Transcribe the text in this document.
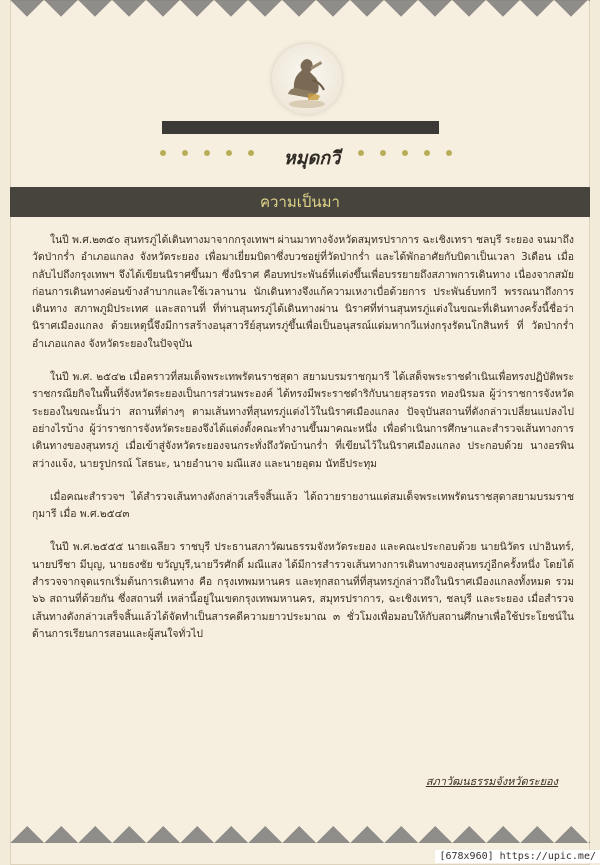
หมุดกวี
ความเป็นมา

ในปี พ.ศ.๒๓๕๐ สุนทรภู่ได้เดินทางมาจากกรุงเทพฯ ผ่านมาทางจังหวัดสมุทรปราการ ฉะเชิงเทรา ชลบุรี ระยอง จนมาถึงวัดป่ากร่ำ อำเภอแกลง จังหวัดระยอง เพื่อมาเยี่ยมบิดาซึ่งบวชอยู่ที่วัดป่ากร่ำ และได้พักอาศัยกับบิดาเป็นเวลา 3เดือน เมื่อกลับไปถึงกรุงเทพฯ จึงได้เขียนนิราศขึ้นมา ซึ่งนิราศ คือบทประพันธ์ที่แต่งขึ้นเพื่อบรรยายถึงสภาพการเดินทาง เนื่องจากสมัยก่อนการเดินทางค่อนข้างลำบากและใช้เวลานาน นักเดินทางจึงแก้ความเหงาเบื่อด้วยการ ประพันธ์บทกวี พรรณนาถึงการเดินทาง สภาพภูมิประเทศ และสถานที่ ที่ท่านสุนทรภู่ได้เดินทางผ่าน นิราศที่ท่านสุนทรภู่แต่งในขณะที่เดินทางครั้งนี้ชื่อว่านิราศเมืองแกลง ด้วยเหตุนี้จึงมีการสร้างอนุสาวรีย์สุนทรภู่ขึ้นเพื่อเป็นอนุสรณ์แด่มหากวีแห่งกรุงรัตนโกสินทร์ ที่ วัดป่ากร่ำ อำเภอแกลง จังหวัดระยองในปัจจุบัน

ในปี พ.ศ. ๒๕๔๒ เมื่อคราวที่สมเด็จพระเทพรัตนราชสุดา สยามบรมราชกุมารี ได้เสด็จพระราชดำเนินเพื่อทรงปฏิบัติพระราชกรณียกิจในพื้นที่จังหวัดระยองเป็นการส่วนพระองค์ ได้ทรงมีพระราชดำริกับนายสุรอรรถ ทองนิรมล ผู้ว่าราชการจังหวัดระยองในขณะนั้นว่า สถานที่ต่างๆ ตามเส้นทางที่สุนทรภู่แต่งไว้ในนิราศเมืองแกลง ปัจจุบันสถานที่ดังกล่าวเปลี่ยนแปลงไปอย่างไรบ้าง ผู้ว่าราชการจังหวัดระยองจึงได้แต่งตั้งคณะทำงานขึ้นมาคณะหนึ่ง เพื่อดำเนินการศึกษาและสำรวจเส้นทางการเดินทางของสุนทรภู่ เมื่อเข้าสู่จังหวัดระยองจนกระทั่งถึงวัดบ้านกร่ำ ที่เขียนไว้ในนิราศเมืองแกลง ประกอบด้วย นางอรพิน สว่างแจ้ง, นายรูปกรณ์ โสธนะ, นายอำนาจ มณีแสง และนายอุดม นัทธีประทุม

เมื่อคณะสำรวจฯ ได้สำรวจเส้นทางดังกล่าวเสร็จสิ้นแล้ว ได้ถวายรายงานแด่สมเด็จพระเทพรัตนราชสุดาสยามบรมราชกุมารี เมื่อ พ.ศ.๒๕๔๓

ในปี พ.ศ.๒๕๕๕ นายเฉลียว ราชบุรี ประธานสภาวัฒนธรรมจังหวัดระยอง และคณะประกอบด้วย นายนิวัตร เปาอินทร์, นายปรีชา มีบุญ, นายธงชัย ขวัญบุรี,นายวีรศักดิ์ มณีแสง ได้มีการสำรวจเส้นทางการเดินทางของสุนทรภู่อีกครั้งหนึ่ง โดยได้สำรวจจากจุดแรกเริ่มต้นการเดินทาง คือ กรุงเทพมหานคร และทุกสถานที่ที่สุนทรภู่กล่าวถึงในนิราศเมืองแกลงทั้งหมด รวม ๖๖ สถานที่ด้วยกัน ซึ่งสถานที่ เหล่านี้อยู่ในเขตกรุงเทพมหานคร, สมุทรปราการ, ฉะเชิงเทรา, ชลบุรี และระยอง เมื่อสำรวจเส้นทางดังกล่าวเสร็จสิ้นแล้วได้จัดทำเป็นสารคดีความยาวประมาณ ๓ ชั่วโมงเพื่อมอบให้กับสถานศึกษาเพื่อใช้ประโยชน์ในด้านการเรียนการสอนและผู้สนใจทั่วไป

สภาวัฒนธรรมจังหวัดระยอง
[678x960] https://upic.me/
